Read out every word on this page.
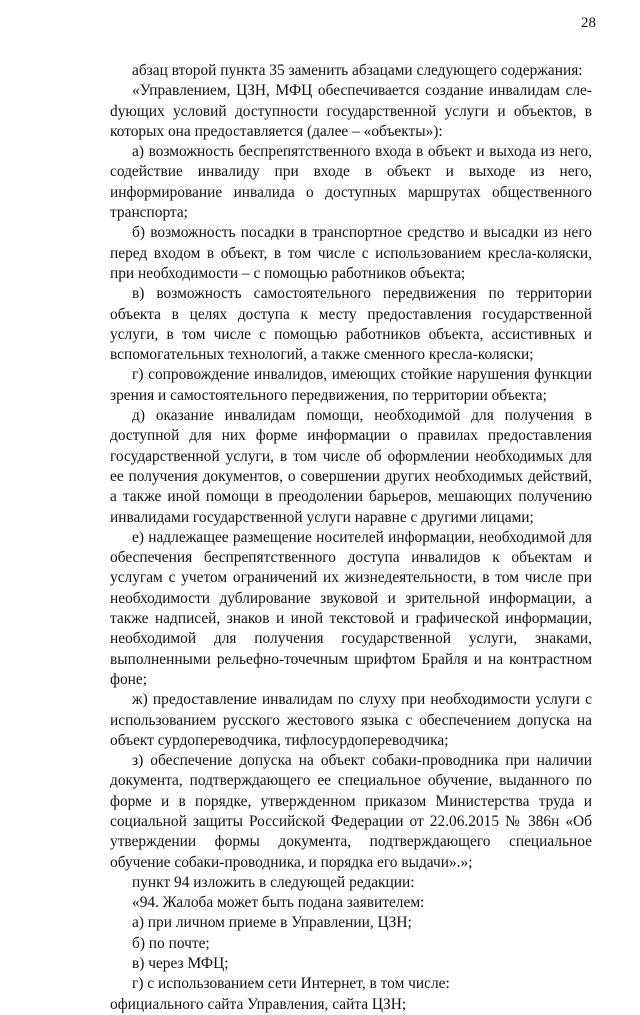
28

абзац второй пункта 35 заменить абзацами следующего содержания:

«Управлением, ЦЗН, МФЦ обеспечивается создание инвалидам слеdующих условий доступности государственной услуги и объектов, в которых она предоставляется (далее – «объекты»):

а) возможность беспрепятственного входа в объект и выхода из него, содействие инвалиду при входе в объект и выходе из него, информирование инвалида о доступных маршрутах общественного транспорта;

б) возможность посадки в транспортное средство и высадки из него перед входом в объект, в том числе с использованием кресла-коляски, при необходимости – с помощью работников объекта;

в) возможность самостоятельного передвижения по территории объекта в целях доступа к месту предоставления государственной услуги, в том числе с помощью работников объекта, ассистивных и вспомогательных технологий, а также сменного кресла-коляски;

г) сопровождение инвалидов, имеющих стойкие нарушения функции зрения и самостоятельного передвижения, по территории объекта;

д) оказание инвалидам помощи, необходимой для получения в доступной для них форме информации о правилах предоставления государственной услуги, в том числе об оформлении необходимых для ее получения документов, о совершении других необходимых действий, а также иной помощи в преодолении барьеров, мешающих получению инвалидами государственной услуги наравне с другими лицами;

е) надлежащее размещение носителей информации, необходимой для обеспечения беспрепятственного доступа инвалидов к объектам и услугам с учетом ограничений их жизнедеятельности, в том числе при необходимости дублирование звуковой и зрительной информации, а также надписей, знаков и иной текстовой и графической информации, необходимой для получения государственной услуги, знаками, выполненными рельефно-точечным шрифтом Брайля и на контрастном фоне;

ж) предоставление инвалидам по слуху при необходимости услуги с использованием русского жестового языка с обеспечением допуска на объект сурдопереводчика, тифлосурдопереводчика;

з) обеспечение допуска на объект собаки-проводника при наличии документа, подтверждающего ее специальное обучение, выданного по форме и в порядке, утвержденном приказом Министерства труда и социальной защиты Российской Федерации от 22.06.2015 № 386н «Об утверждении формы документа, подтверждающего специальное обучение собаки-проводника, и порядка его выдачи».»;

пункт 94 изложить в следующей редакции:

«94. Жалоба может быть подана заявителем:

а) при личном приеме в Управлении, ЦЗН;

б) по почте;

в) через МФЦ;

г) с использованием сети Интернет, в том числе:

официального сайта Управления, сайта ЦЗН;
